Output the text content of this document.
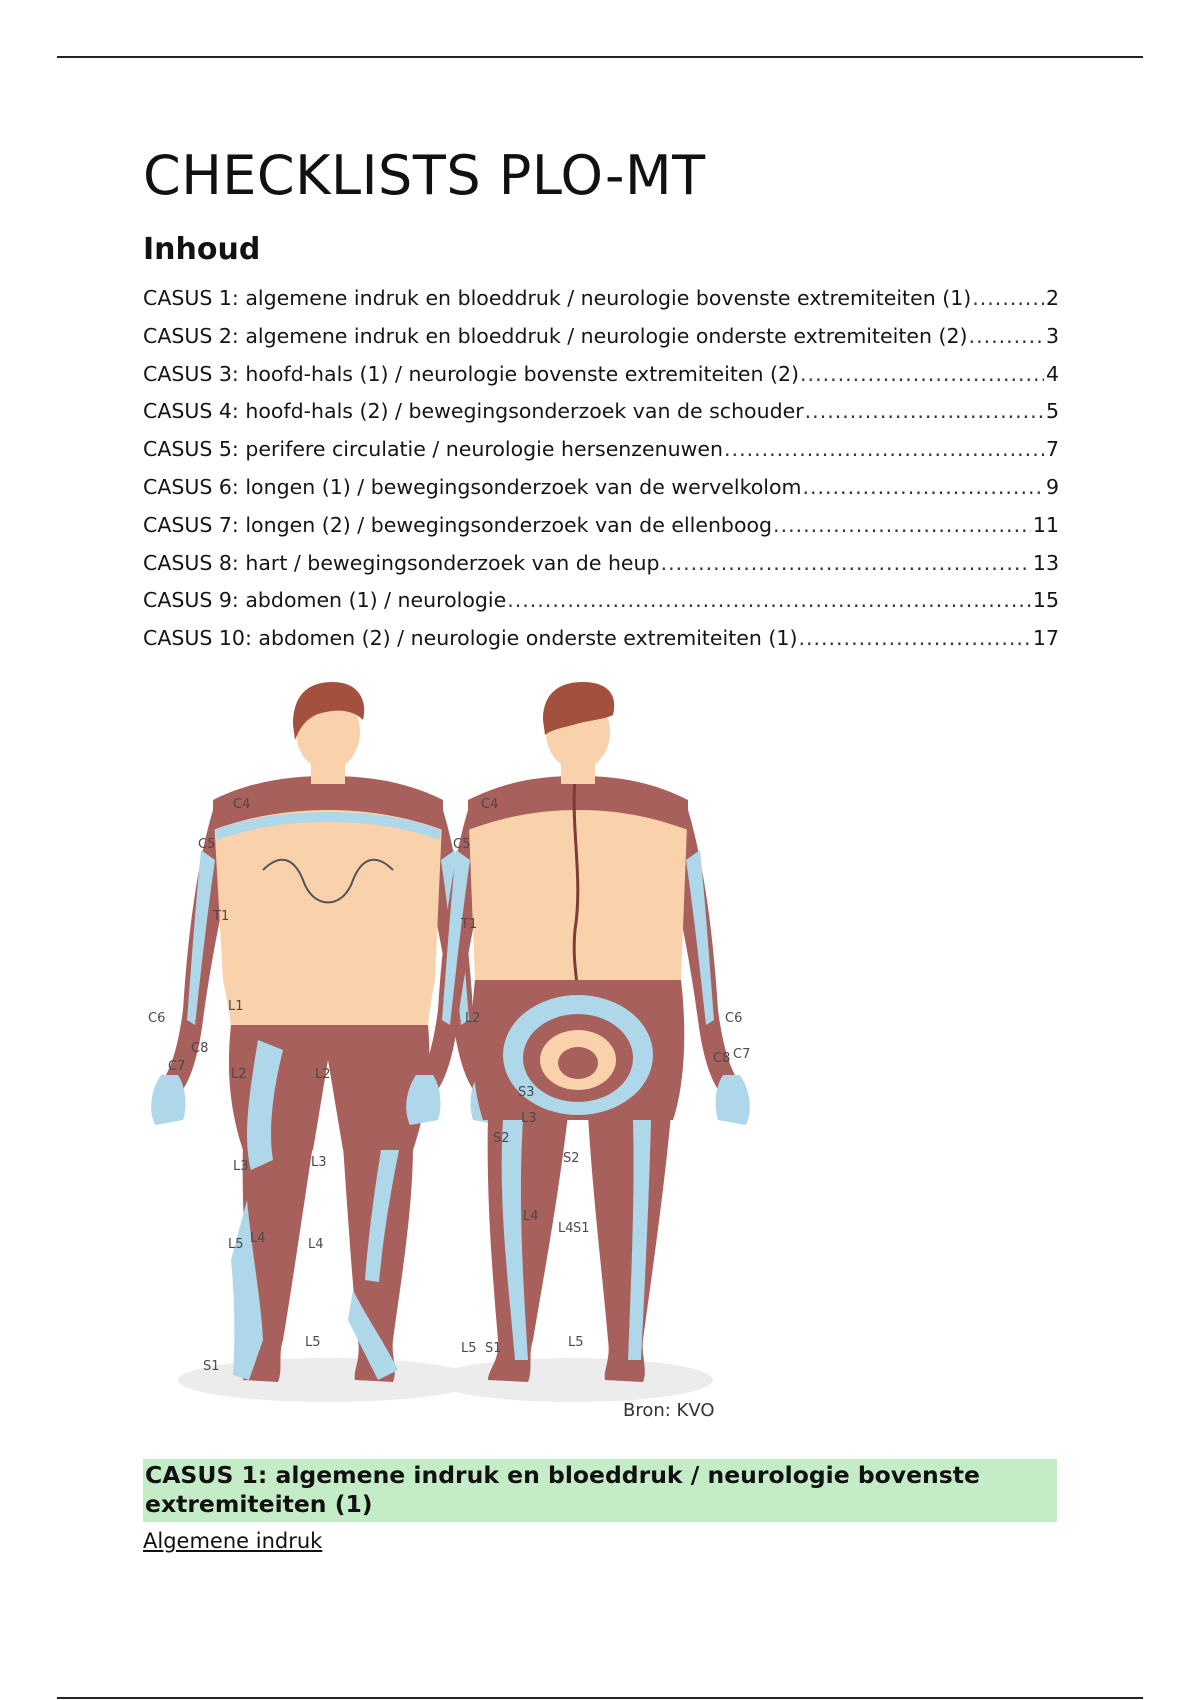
CHECKLISTS PLO-MT
Inhoud
CASUS 1: algemene indruk en bloeddruk / neurologie bovenste extremiteiten (1) .....	2
CASUS 2: algemene indruk en bloeddruk / neurologie onderste extremiteiten (2) .....	3
CASUS 3: hoofd-hals (1) / neurologie bovenste extremiteiten (2) .....	4
CASUS 4: hoofd-hals (2) / bewegingsonderzoek van de schouder .....	5
CASUS 5: perifere circulatie / neurologie hersenzenuwen .....	7
CASUS 6: longen (1) / bewegingsonderzoek van de wervelkolom .....	9
CASUS 7: longen (2) / bewegingsonderzoek van de ellenboog .....	11
CASUS 8: hart / bewegingsonderzoek van de heup .....	13
CASUS 9: abdomen (1) / neurologie .....	15
CASUS 10: abdomen (2) / neurologie onderste extremiteiten (1) .....	17
C4
C5
T1
C6
C8
C7
L1
L2	L2
L3	L3
L5 L4	L4
L5
S1
C4
C5
T1
L2	C6
C8 C7
S3
L3
S2
S2
L4
L4 S1
L5
S1
L5
Bron: KVO
CASUS 1: algemene indruk en bloeddruk / neurologie bovenste extremiteiten (1)
Algemene indruk
